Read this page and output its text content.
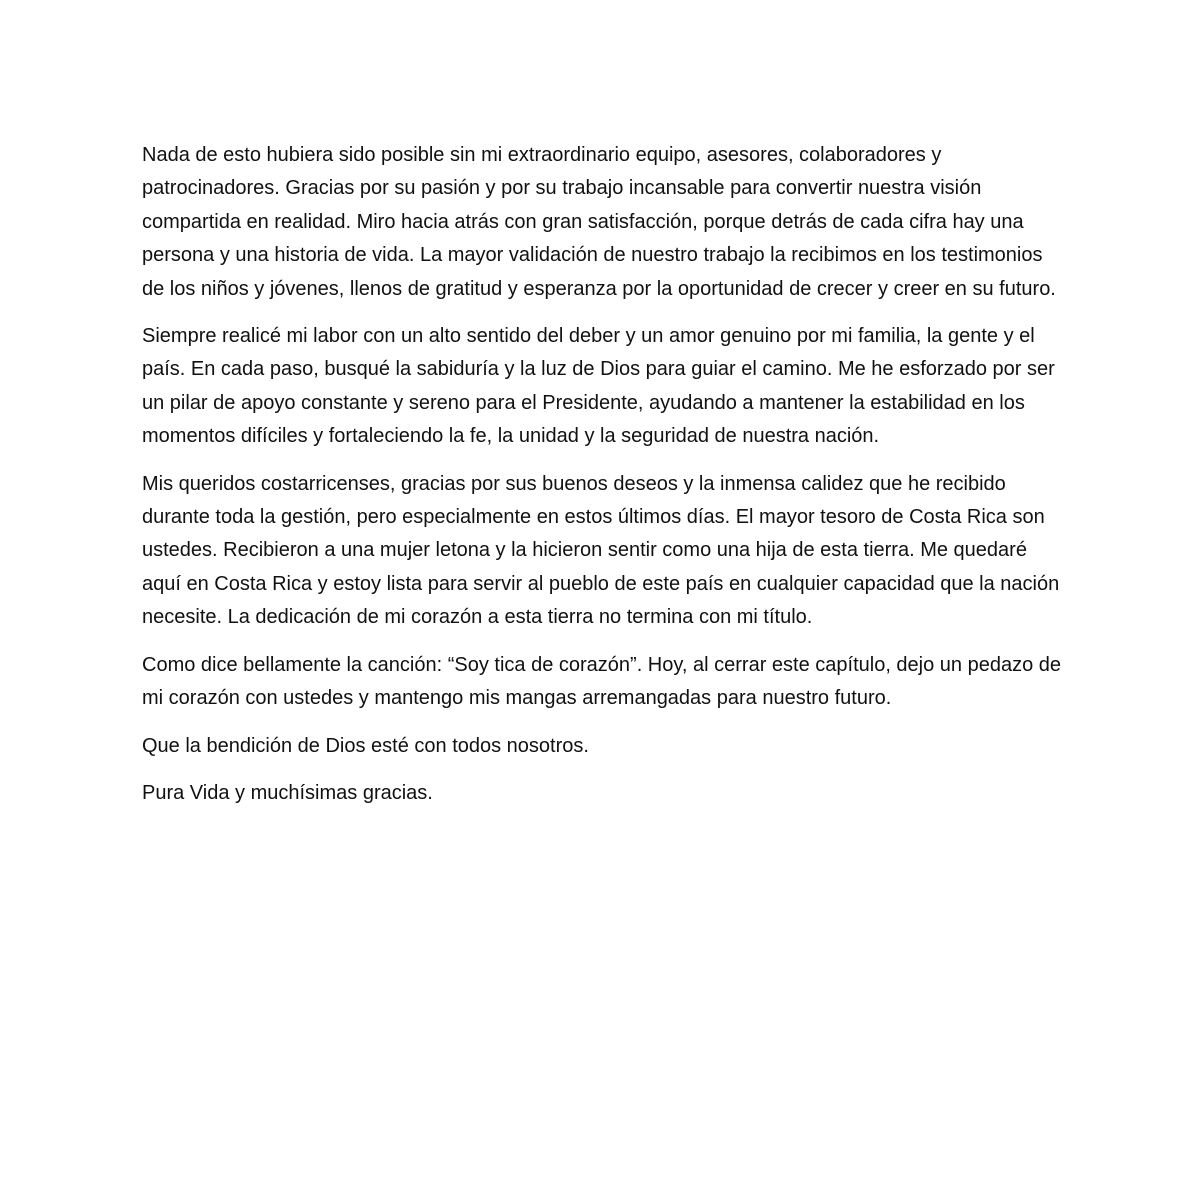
Nada de esto hubiera sido posible sin mi extraordinario equipo, asesores, colaboradores y patrocinadores. Gracias por su pasión y por su trabajo incansable para convertir nuestra visión compartida en realidad. Miro hacia atrás con gran satisfacción, porque detrás de cada cifra hay una persona y una historia de vida. La mayor validación de nuestro trabajo la recibimos en los testimonios de los niños y jóvenes, llenos de gratitud y esperanza por la oportunidad de crecer y creer en su futuro.

Siempre realicé mi labor con un alto sentido del deber y un amor genuino por mi familia, la gente y el país. En cada paso, busqué la sabiduría y la luz de Dios para guiar el camino. Me he esforzado por ser un pilar de apoyo constante y sereno para el Presidente, ayudando a mantener la estabilidad en los momentos difíciles y fortaleciendo la fe, la unidad y la seguridad de nuestra nación.

Mis queridos costarricenses, gracias por sus buenos deseos y la inmensa calidez que he recibido durante toda la gestión, pero especialmente en estos últimos días. El mayor tesoro de Costa Rica son ustedes. Recibieron a una mujer letona y la hicieron sentir como una hija de esta tierra. Me quedaré aquí en Costa Rica y estoy lista para servir al pueblo de este país en cualquier capacidad que la nación necesite. La dedicación de mi corazón a esta tierra no termina con mi título.

Como dice bellamente la canción: “Soy tica de corazón”. Hoy, al cerrar este capítulo, dejo un pedazo de mi corazón con ustedes y mantengo mis mangas arremangadas para nuestro futuro.

Que la bendición de Dios esté con todos nosotros.

Pura Vida y muchísimas gracias.
